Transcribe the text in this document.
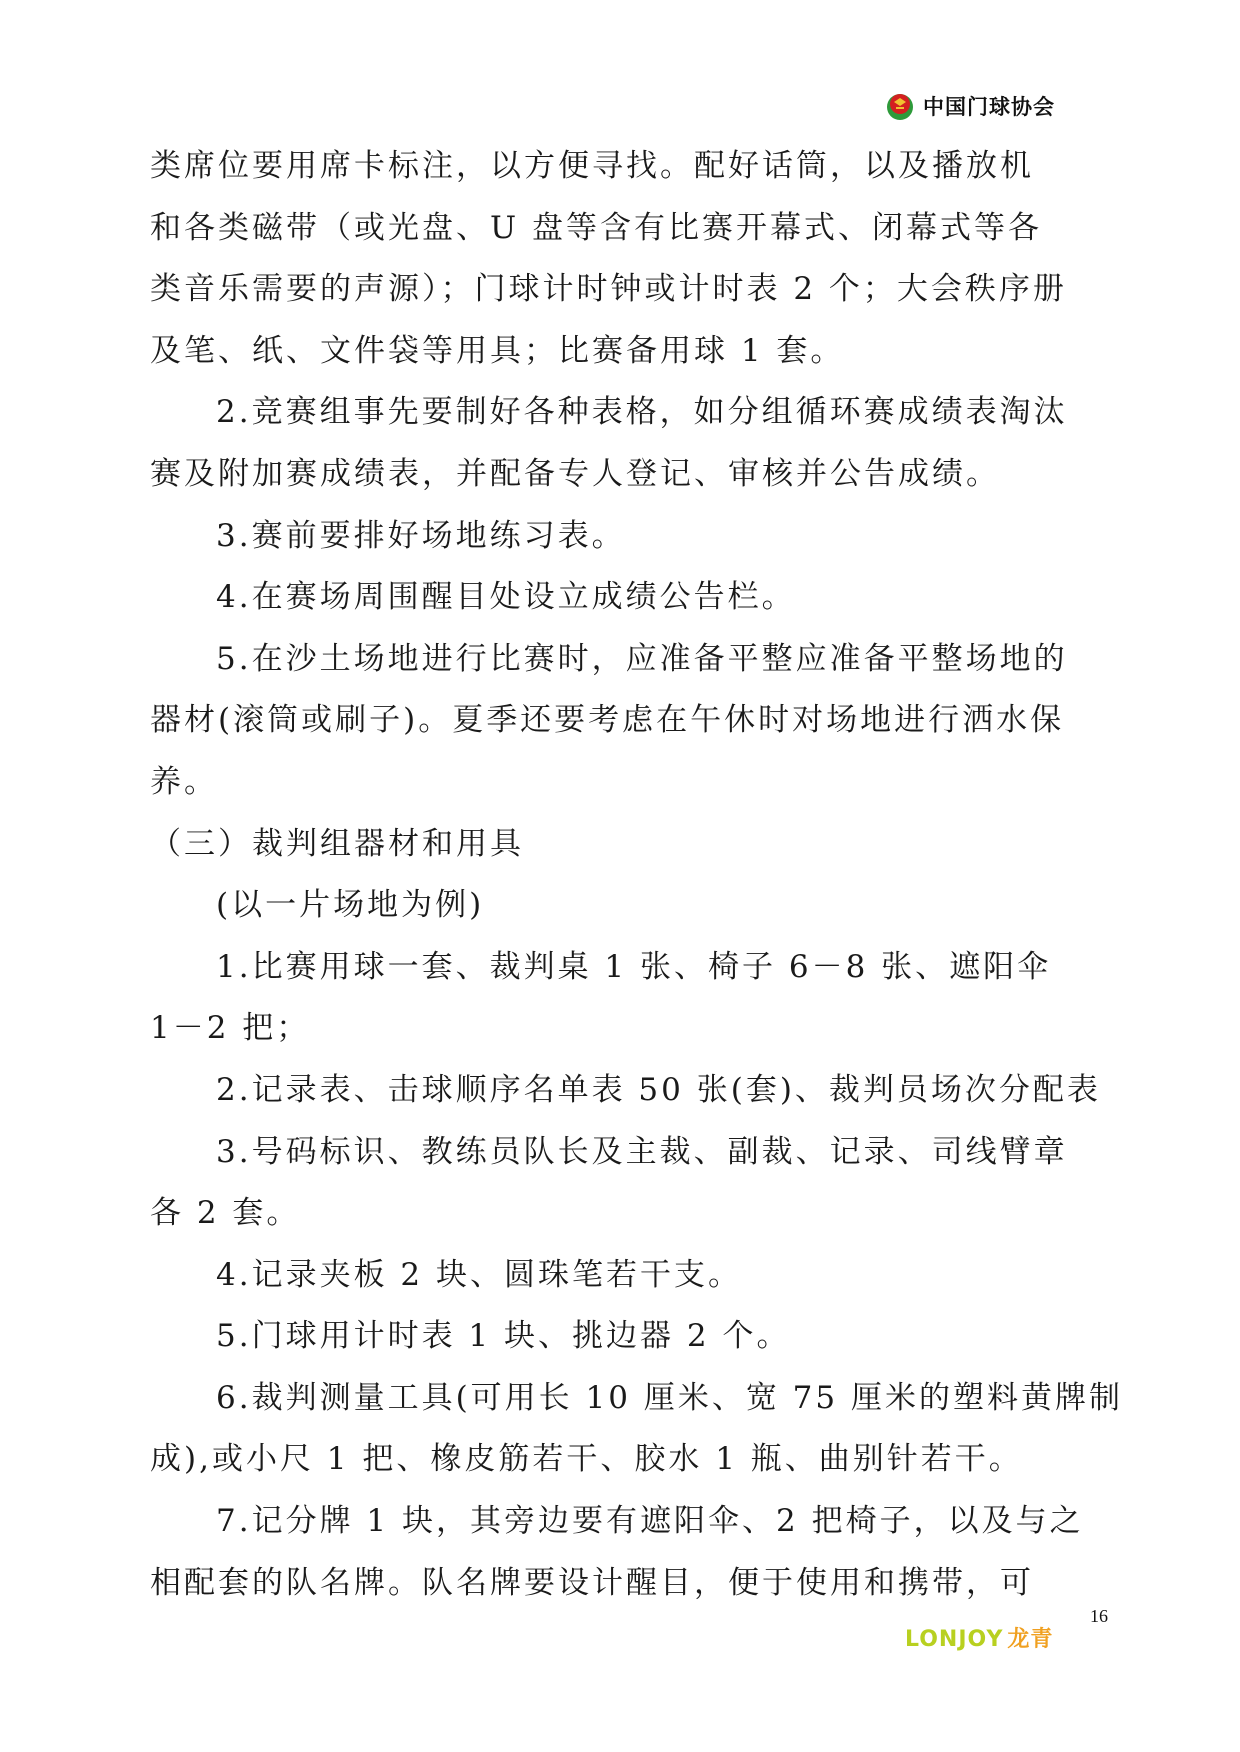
中国门球协会
类席位要用席卡标注，以方便寻找。配好话筒，以及播放机
和各类磁带（或光盘、U 盘等含有比赛开幕式、闭幕式等各
类音乐需要的声源）；门球计时钟或计时表 2 个；大会秩序册
及笔、纸、文件袋等用具；比赛备用球 1 套。
2.竞赛组事先要制好各种表格，如分组循环赛成绩表淘汰
赛及附加赛成绩表，并配备专人登记、审核并公告成绩。
3.赛前要排好场地练习表。
4.在赛场周围醒目处设立成绩公告栏。
5.在沙土场地进行比赛时，应准备平整应准备平整场地的
器材(滚筒或刷子)。夏季还要考虑在午休时对场地进行洒水保
养。
（三）裁判组器材和用具
(以一片场地为例)
1.比赛用球一套、裁判桌 1 张、椅子 6－8 张、遮阳伞
1－2 把；
2.记录表、击球顺序名单表 50 张(套)、裁判员场次分配表
3.号码标识、教练员队长及主裁、副裁、记录、司线臂章
各 2 套。
4.记录夹板 2 块、圆珠笔若干支。
5.门球用计时表 1 块、挑边器 2 个。
6.裁判测量工具(可用长 10 厘米、宽 75 厘米的塑料黄牌制
成),或小尺 1 把、橡皮筋若干、胶水 1 瓶、曲别针若干。
7.记分牌 1 块，其旁边要有遮阳伞、2 把椅子，以及与之
相配套的队名牌。队名牌要设计醒目，便于使用和携带，可
LONJOY 龙青
16
